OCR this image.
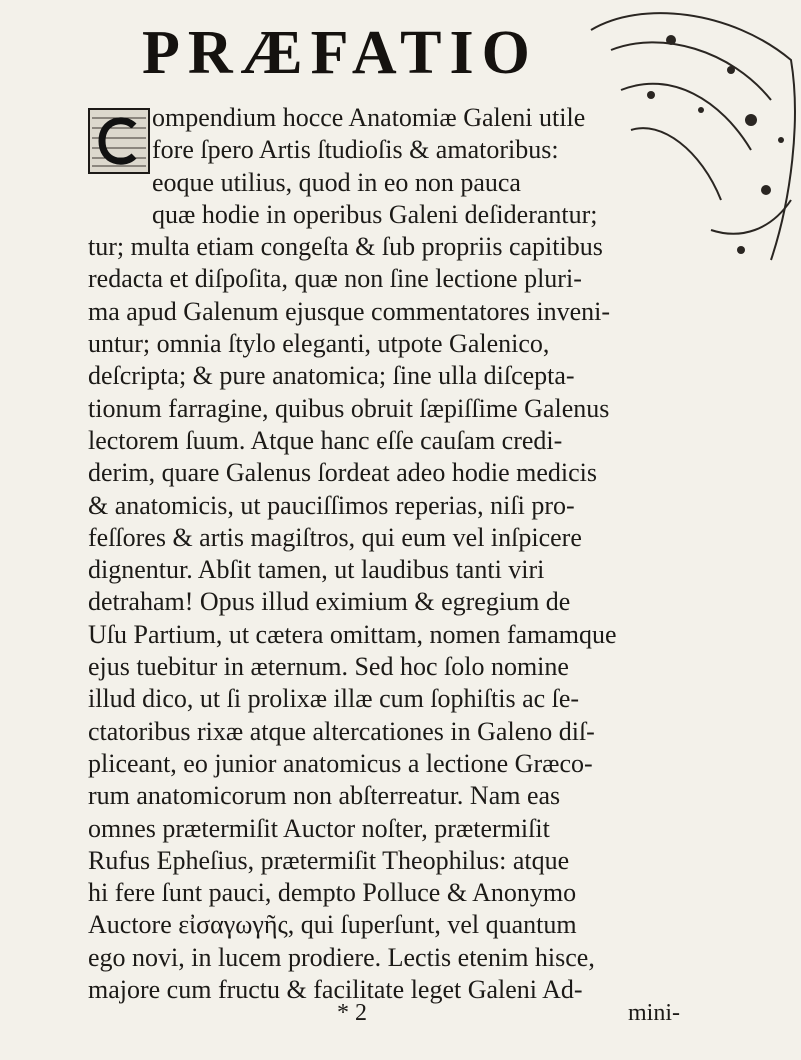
PRÆFATIO
ompendium hocce Anatomiæ Galeni utile
fore ſpero Artis ſtudioſis & amatoribus:
eoque utilius, quod in eo non pauca
quæ hodie in operibus Galeni deſiderantur;
tur; multa etiam congeſta & ſub propriis capitibus
redacta et diſpoſita, quæ non ſine lectione pluri-
ma apud Galenum ejusque commentatores inveni-
untur; omnia ſtylo eleganti, utpote Galenico,
deſcripta; & pure anatomica; ſine ulla diſcepta-
tionum farragine, quibus obruit ſæpiſſime Galenus
lectorem ſuum. Atque hanc eſſe cauſam credi-
derim, quare Galenus ſordeat adeo hodie medicis
& anatomicis, ut pauciſſimos reperias, niſi pro-
feſſores & artis magiſtros, qui eum vel inſpicere
dignentur. Abſit tamen, ut laudibus tanti viri
detraham! Opus illud eximium & egregium de
Uſu Partium, ut cætera omittam, nomen famamque
ejus tuebitur in æternum. Sed hoc ſolo nomine
illud dico, ut ſi prolixæ illæ cum ſophiſtis ac ſe-
ctatoribus rixæ atque altercationes in Galeno diſ-
pliceant, eo junior anatomicus a lectione Græco-
rum anatomicorum non abſterreatur. Nam eas
omnes prætermiſit Auctor noſter, prætermiſit
Rufus Epheſius, prætermiſit Theophilus: atque
hi fere ſunt pauci, dempto Polluce & Anonymo
Auctore εἰσαγωγῆς, qui ſuperſunt, vel quantum
ego novi, in lucem prodiere. Lectis etenim hisce,
majore cum fructu & facilitate leget Galeni Ad-
* 2	mini-
